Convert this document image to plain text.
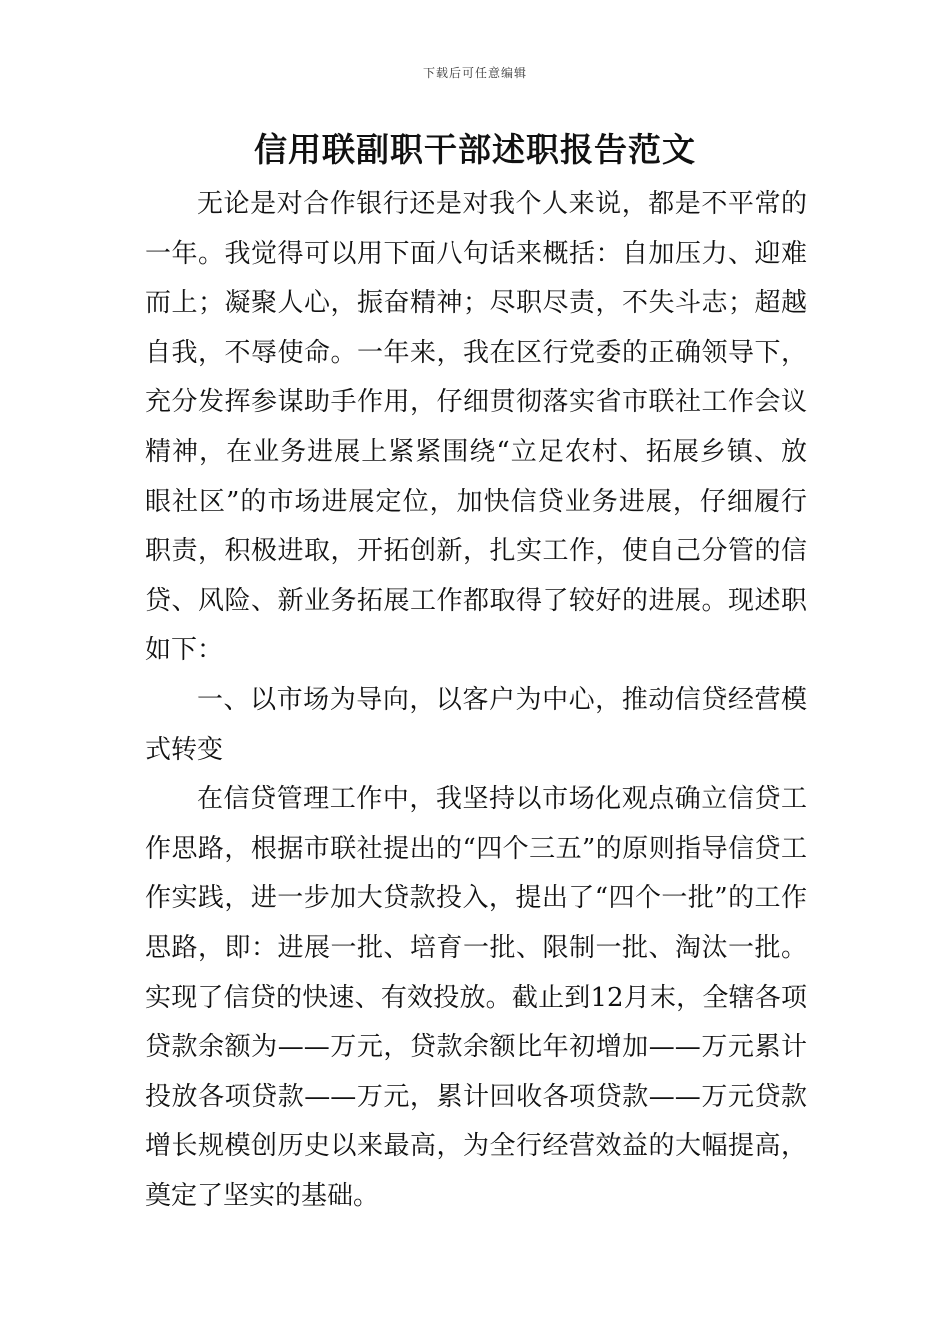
下载后可任意编辑
信用联副职干部述职报告范文

无论是对合作银行还是对我个人来说，都是不平常的一年。我觉得可以用下面八句话来概括：自加压力、迎难而上；凝聚人心，振奋精神；尽职尽责，不失斗志；超越自我，不辱使命。一年来，我在区行党委的正确领导下，充分发挥参谋助手作用，仔细贯彻落实省市联社工作会议精神，在业务进展上紧紧围绕“立足农村、拓展乡镇、放眼社区”的市场进展定位，加快信贷业务进展，仔细履行职责，积极进取，开拓创新，扎实工作，使自己分管的信贷、风险、新业务拓展工作都取得了较好的进展。现述职如下：

一、以市场为导向，以客户为中心，推动信贷经营模式转变

在信贷管理工作中，我坚持以市场化观点确立信贷工作思路，根据市联社提出的“四个三五”的原则指导信贷工作实践，进一步加大贷款投入，提出了“四个一批”的工作思路，即：进展一批、培育一批、限制一批、淘汰一批。实现了信贷的快速、有效投放。截止到12月末，全辖各项贷款余额为——万元，贷款余额比年初增加——万元累计投放各项贷款——万元，累计回收各项贷款——万元贷款增长规模创历史以来最高，为全行经营效益的大幅提高，奠定了坚实的基础。
